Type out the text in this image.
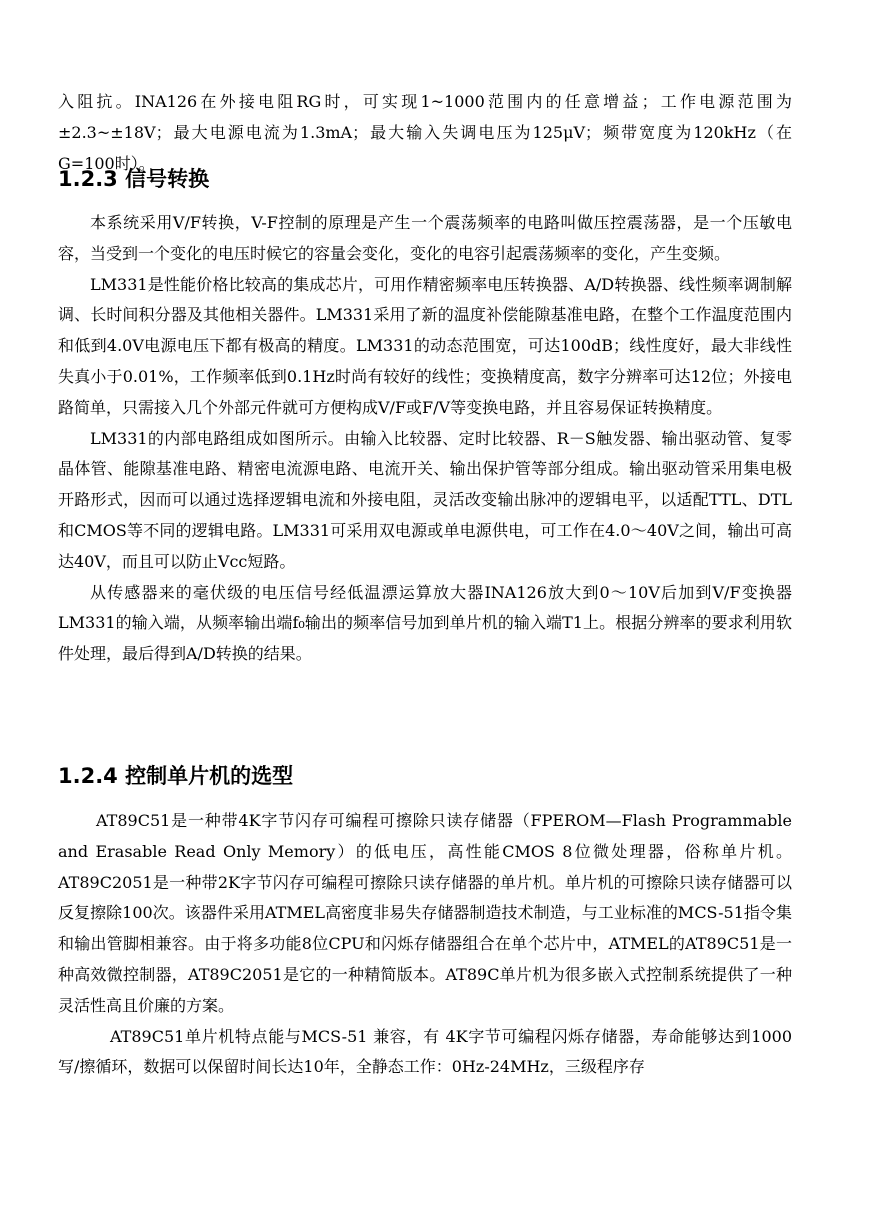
入阻抗。INA126在外接电阻RG时，可实现1~1000范围内的任意增益；工作电源范围为±2.3~±18V；最大电源电流为1.3mA；最大输入失调电压为125μV；频带宽度为120kHz（在G=100时）。

1.2.3 信号转换

本系统采用V/F转换，V-F控制的原理是产生一个震荡频率的电路叫做压控震荡器，是一个压敏电容，当受到一个变化的电压时候它的容量会变化，变化的电容引起震荡频率的变化，产生变频。

LM331是性能价格比较高的集成芯片，可用作精密频率电压转换器、A/D转换器、线性频率调制解调、长时间积分器及其他相关器件。LM331采用了新的温度补偿能隙基准电路，在整个工作温度范围内和低到4.0V电源电压下都有极高的精度。LM331的动态范围宽，可达100dB；线性度好，最大非线性失真小于0.01%，工作频率低到0.1Hz时尚有较好的线性；变换精度高，数字分辨率可达12位；外接电路简单，只需接入几个外部元件就可方便构成V/F或F/V等变换电路，并且容易保证转换精度。

LM331的内部电路组成如图所示。由输入比较器、定时比较器、R－S触发器、输出驱动管、复零晶体管、能隙基准电路、精密电流源电路、电流开关、输出保护管等部分组成。输出驱动管采用集电极开路形式，因而可以通过选择逻辑电流和外接电阻，灵活改变输出脉冲的逻辑电平，以适配TTL、DTL和CMOS等不同的逻辑电路。LM331可采用双电源或单电源供电，可工作在4.0～40V之间，输出可高达40V，而且可以防止Vcc短路。

从传感器来的毫伏级的电压信号经低温漂运算放大器INA126放大到0～10V后加到V/F变换器LM331的输入端，从频率输出端f₀输出的频率信号加到单片机的输入端T1上。根据分辨率的要求利用软件处理，最后得到A/D转换的结果。

1.2.4 控制单片机的选型

AT89C51是一种带4K字节闪存可编程可擦除只读存储器（FPEROM—Flash Programmable and Erasable Read Only Memory）的低电压，高性能CMOS 8位微处理器，俗称单片机。AT89C2051是一种带2K字节闪存可编程可擦除只读存储器的单片机。单片机的可擦除只读存储器可以反复擦除100次。该器件采用ATMEL高密度非易失存储器制造技术制造，与工业标准的MCS-51指令集和输出管脚相兼容。由于将多功能8位CPU和闪烁存储器组合在单个芯片中，ATMEL的AT89C51是一种高效微控制器，AT89C2051是它的一种精简版本。AT89C单片机为很多嵌入式控制系统提供了一种灵活性高且价廉的方案。

AT89C51单片机特点能与MCS-51 兼容，有 4K字节可编程闪烁存储器，寿命能够达到1000写/擦循环，数据可以保留时间长达10年，全静态工作：0Hz-24MHz，三级程序存
